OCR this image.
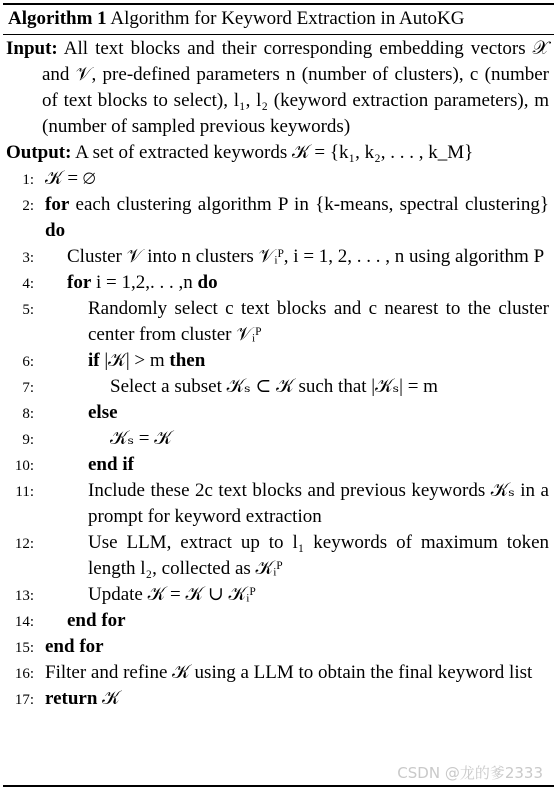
Algorithm 1 Algorithm for Keyword Extraction in AutoKG
Input: All text blocks and their corresponding embedding vectors 𝒳 and 𝒱, pre-defined parameters n (number of clusters), c (number of text blocks to select), l₁, l₂ (keyword extraction parameters), m (number of sampled previous keywords)
Output: A set of extracted keywords 𝒦 = {k₁, k₂, . . . , k_M}
1: 𝒦 = ∅
2: for each clustering algorithm P in {k-means, spectral clustering} do
3: Cluster 𝒱 into n clusters 𝒱ᵢᴾ, i = 1, 2, . . . , n using algorithm P
4: for i = 1,2,. . . ,n do
5:	Randomly select c text blocks and c nearest to the cluster center from cluster 𝒱ᵢᴾ
6:	if |𝒦| > m then
7:	Select a subset 𝒦ₛ ⊂ 𝒦 such that |𝒦ₛ| = m
8:	else
9:	𝒦ₛ = 𝒦
10:	end if
11:	Include these 2c text blocks and previous keywords 𝒦ₛ in a prompt for keyword extraction
12:	Use LLM, extract up to l₁ keywords of maximum token length l₂, collected as 𝒦ᵢᴾ
13:	Update 𝒦 = 𝒦 ∪ 𝒦ᵢᴾ
14: end for
15: end for
16: Filter and refine 𝒦 using a LLM to obtain the final keyword list
17: return 𝒦
CSDN @龙的爹2333
